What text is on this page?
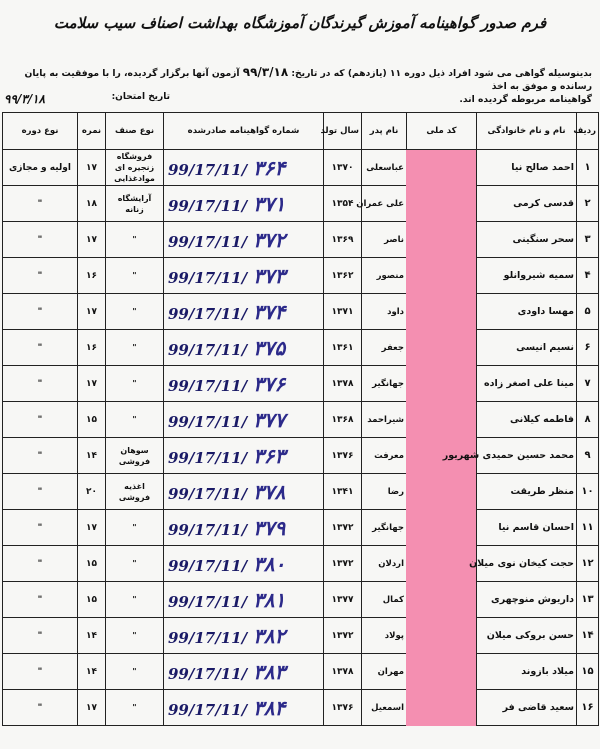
فرم صدور گواهینامه آموزش گیرندگان آموزشگاه بهداشت اصناف سیب سلامت
بدینوسیله گواهی می شود افراد ذیل دوره ۱۱ (یازدهم) که در تاریخ: ۹۹/۳/۱۸ آزمون آنها برگزار گردیده، را با موفقیت به پایان رسانده و موفق به اخذ
گواهینامه مربوطه گردیده اند.
تاریخ امتحان:
۹۹/۳/۱۸
ردیف	نام و نام خانوادگی	کد ملی	نام پدر	سال تولد	شماره گواهینامه صادرشده	نوع صنف	نمره	نوع دوره
۱	احمد صالح نیا		عباسعلی	۱۳۷۰	99/17/11/ ۳۶۴	فروشگاه زنجیره ای موادغذایی	۱۷	اولیه و مجازی
۲	قدسی کرمی		علی عمران	۱۳۵۴	99/17/11/ ۳۷۱	آرایشگاه زنانه	۱۸	"
۳	سحر سنگینی		ناصر	۱۳۶۹	99/17/11/ ۳۷۲	"	۱۷	"
۴	سمیه شیروانلو		منصور	۱۳۶۲	99/17/11/ ۳۷۳	"	۱۶	"
۵	مهسا داودی		داود	۱۳۷۱	99/17/11/ ۳۷۴	"	۱۷	"
۶	نسیم انیسی		جعفر	۱۳۶۱	99/17/11/ ۳۷۵	"	۱۶	"
۷	مینا علی اصغر زاده		جهانگیر	۱۳۷۸	99/17/11/ ۳۷۶	"	۱۷	"
۸	فاطمه کیلانی		شیراحمد	۱۳۶۸	99/17/11/ ۳۷۷	"	۱۵	"
۹	محمد حسین حمیدی شهریور		معرفت	۱۳۷۶	99/17/11/ ۳۶۳	سوهان فروشی	۱۴	"
۱۰	منظر طریقت		رضا	۱۳۴۱	99/17/11/ ۳۷۸	اغذیه فروشی	۲۰	"
۱۱	احسان قاسم نیا		جهانگیر	۱۳۷۲	99/17/11/ ۳۷۹	"	۱۷	"
۱۲	حجت کیخان نوی میلان		اردلان	۱۳۷۲	99/17/11/ ۳۸۰	"	۱۵	"
۱۳	داریوش منوچهری		کمال	۱۳۷۷	99/17/11/ ۳۸۱	"	۱۵	"
۱۴	حسن بروکی میلان		پولاد	۱۳۷۲	99/17/11/ ۳۸۲	"	۱۴	"
۱۵	میلاد بازوند		مهران	۱۳۷۸	99/17/11/ ۳۸۳	"	۱۴	"
۱۶	سعید قاضی فر		اسمعیل	۱۳۷۶	99/17/11/ ۳۸۴	"	۱۷	"
